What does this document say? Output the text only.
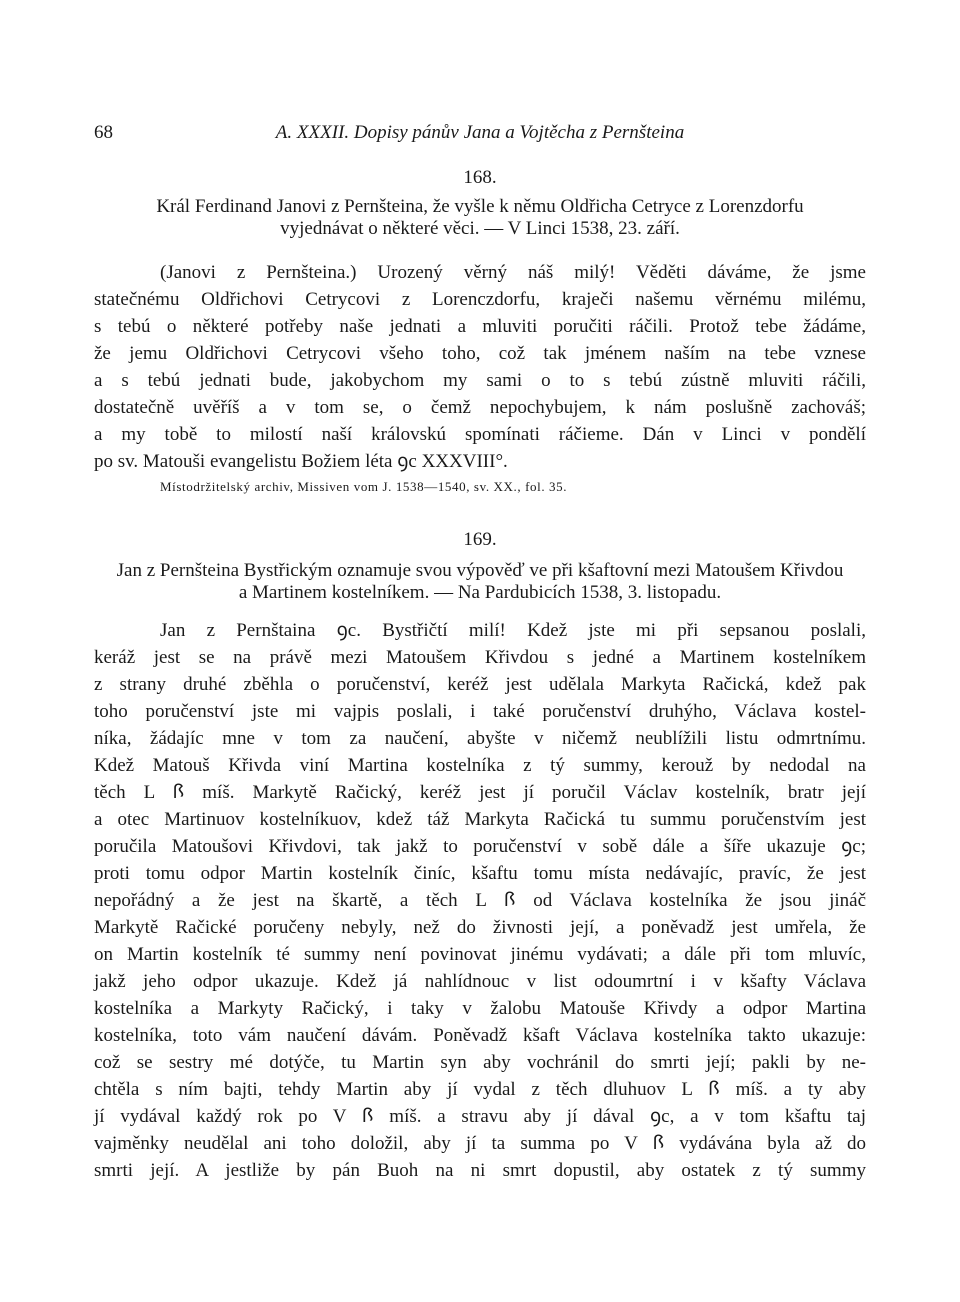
68	A. XXXII. Dopisy pánův Jana a Vojtěcha z Pernšteina
168.
Král Ferdinand Janovi z Pernšteina, že vyšle k němu Oldřicha Cetryce z Lorenzdorfu
vyjednávat o některé věci. — V Linci 1538, 23. září.
(Janovi z Pernšteina.) Urozený věrný náš milý! Věděti dáváme, že jsme
statečnému Oldřichovi Cetrycovi z Lorenczdorfu, kraječi našemu věrnému milému,
s tebú o některé potřeby naše jednati a mluviti poručiti ráčili. Protož tebe žádáme,
že jemu Oldřichovi Cetrycovi všeho toho, což tak jménem naším na tebe vznese
a s tebú jednati bude, jakobychom my sami o to s tebú zústně mluviti ráčili,
dostatečně uvěříš a v tom se, o čemž nepochybujem, k nám poslušně zachováš;
a my tobě to milostí naší královskú spomínati ráčieme. Dán v Linci v pondělí
po sv. Matouši evangelistu Božiem léta ꝯc XXXVIII°.
Místodržitelský archiv, Missiven vom J. 1538—1540, sv. XX., fol. 35.
169.
Jan z Pernšteina Bystřickým oznamuje svou výpověď ve při kšaftovní mezi Matoušem Křivdou
a Martinem kostelníkem. — Na Pardubicích 1538, 3. listopadu.
Jan z Pernštaina ꝯc. Bystřičtí milí! Kdež jste mi při sepsanou poslali,
keráž jest se na právě mezi Matoušem Křivdou s jedné a Martinem kostelníkem
z strany druhé zběhla o poručenství, keréž jest udělala Markyta Račická, kdež pak
toho poručenství jste mi vajpis poslali, i také poručenství druhýho, Václava kostel-
níka, žádajíc mne v tom za naučení, abyšte v ničemž neublížili listu odmrtnímu.
Kdež Matouš Křivda viní Martina kostelníka z tý summy, kerouž by nedodal na
těch L ꟗ míš. Markytě Račický, keréž jest jí poručil Václav kostelník, bratr její
a otec Martinuov kostelníkuov, kdež táž Markyta Račická tu summu poručenstvím jest
poručila Matoušovi Křivdovi, tak jakž to poručenství v sobě dále a šíře ukazuje ꝯc;
proti tomu odpor Martin kostelník činíc, kšaftu tomu místa nedávajíc, pravíc, že jest
nepořádný a že jest na škartě, a těch L ꟗ od Václava kostelníka že jsou jináč
Markytě Račické poručeny nebyly, než do živnosti její, a poněvadž jest umřela, že
on Martin kostelník té summy není povinovat jinému vydávati; a dále při tom mluvíc,
jakž jeho odpor ukazuje. Kdež já nahlídnouc v list odoumrtní i v kšafty Václava
kostelníka a Markyty Račický, i taky v žalobu Matouše Křivdy a odpor Martina
kostelníka, toto vám naučení dávám. Poněvadž kšaft Václava kostelníka takto ukazuje:
což se sestry mé dotýče, tu Martin syn aby vochránil do smrti její; pakli by ne-
chtěla s ním bajti, tehdy Martin aby jí vydal z těch dluhuov L ꟗ míš. a ty aby
jí vydával každý rok po V ꟗ míš. a stravu aby jí dával ꝯc, a v tom kšaftu taj
vajměnky neudělal ani toho doložil, aby jí ta summa po V ꟗ vydávána byla až do
smrti její. A jestliže by pán Buoh na ni smrt dopustil, aby ostatek z tý summy
